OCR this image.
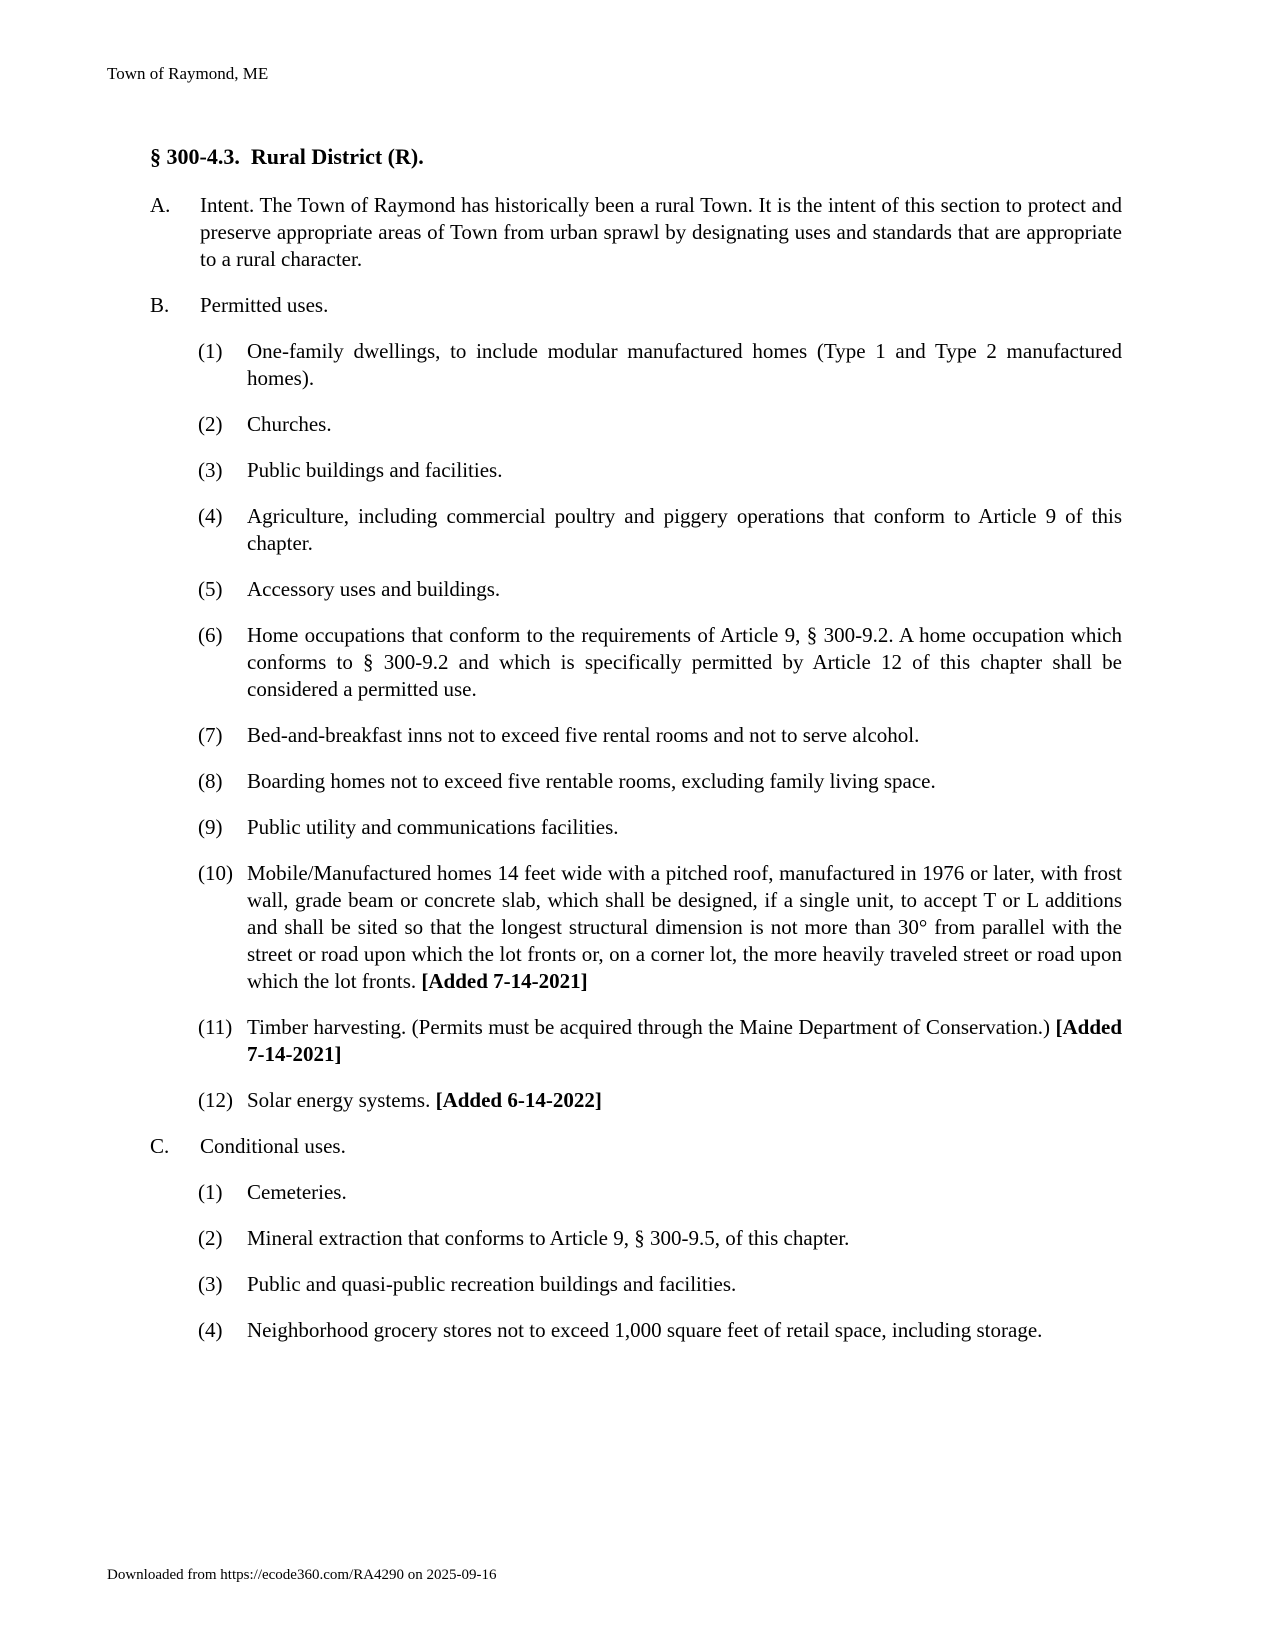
Town of Raymond, ME
§ 300-4.3.  Rural District (R).
A.	Intent. The Town of Raymond has historically been a rural Town. It is the intent of this section to protect and preserve appropriate areas of Town from urban sprawl by designating uses and standards that are appropriate to a rural character.
B.	Permitted uses.
(1)	One-family dwellings, to include modular manufactured homes (Type 1 and Type 2 manufactured homes).
(2)	Churches.
(3)	Public buildings and facilities.
(4)	Agriculture, including commercial poultry and piggery operations that conform to Article 9 of this chapter.
(5)	Accessory uses and buildings.
(6)	Home occupations that conform to the requirements of Article 9, § 300-9.2. A home occupation which conforms to § 300-9.2 and which is specifically permitted by Article 12 of this chapter shall be considered a permitted use.
(7)	Bed-and-breakfast inns not to exceed five rental rooms and not to serve alcohol.
(8)	Boarding homes not to exceed five rentable rooms, excluding family living space.
(9)	Public utility and communications facilities.
(10) Mobile/Manufactured homes 14 feet wide with a pitched roof, manufactured in 1976 or later, with frost wall, grade beam or concrete slab, which shall be designed, if a single unit, to accept T or L additions and shall be sited so that the longest structural dimension is not more than 30° from parallel with the street or road upon which the lot fronts or, on a corner lot, the more heavily traveled street or road upon which the lot fronts. [Added 7-14-2021]
(11) Timber harvesting. (Permits must be acquired through the Maine Department of Conservation.) [Added 7-14-2021]
(12) Solar energy systems. [Added 6-14-2022]
C.	Conditional uses.
(1)	Cemeteries.
(2)	Mineral extraction that conforms to Article 9, § 300-9.5, of this chapter.
(3)	Public and quasi-public recreation buildings and facilities.
(4)	Neighborhood grocery stores not to exceed 1,000 square feet of retail space, including storage.
Downloaded from https://ecode360.com/RA4290 on 2025-09-16
